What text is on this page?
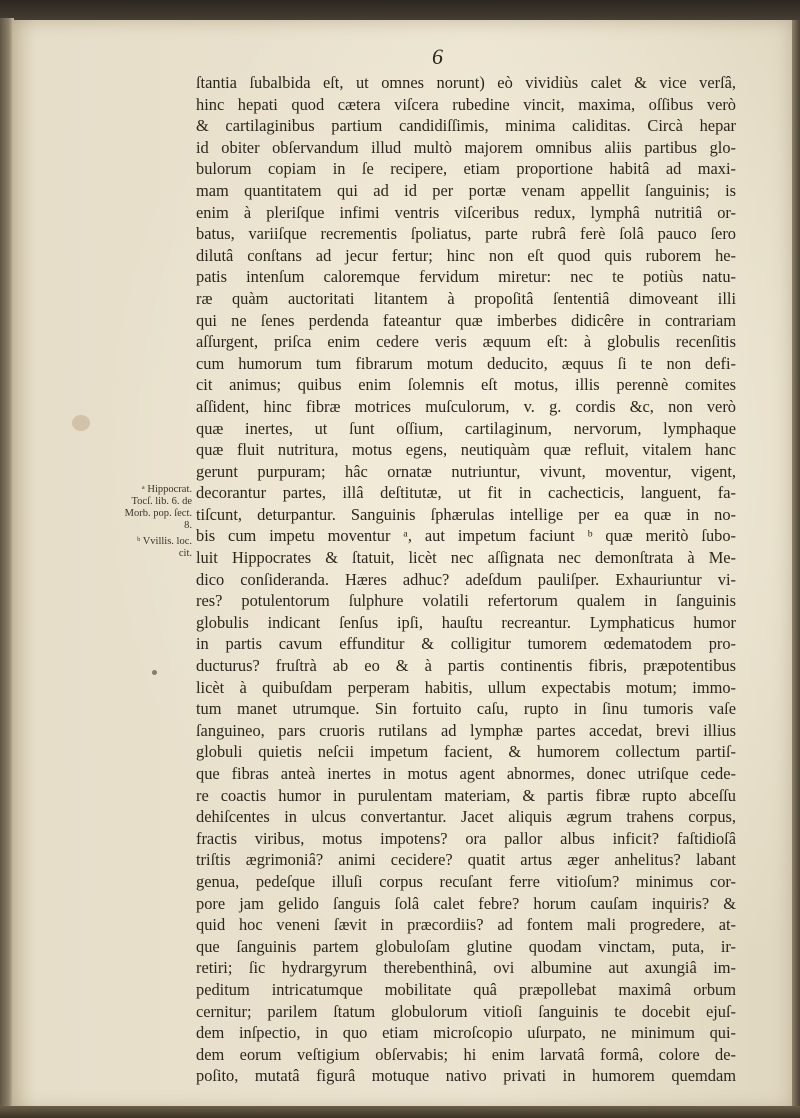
6
ſtantia ſubalbida eſt, ut omnes norunt) eò vividiùs calet & vice verſâ,
hinc hepati quod cætera viſcera rubedine vincit, maxima, oſſibus verò
& cartilaginibus partium candidiſſimis, minima caliditas. Circà hepar
id obiter obſervandum illud multò majorem omnibus aliis partibus glo-
bulorum copiam in ſe recipere, etiam proportione habitâ ad maxi-
mam quantitatem qui ad id per portæ venam appellit ſanguinis; is
enim à pleriſque infimi ventris viſceribus redux, lymphâ nutritiâ or-
batus, variiſque recrementis ſpoliatus, parte rubrâ ferè ſolâ pauco ſero
dilutâ conſtans ad jecur fertur; hinc non eſt quod quis ruborem he-
patis intenſum caloremque fervidum miretur: nec te potiùs natu-
ræ quàm auctoritati litantem à propoſitâ ſententiâ dimoveant illi
qui ne ſenes perdenda fateantur quæ imberbes didicêre in contrariam
aſſurgent, priſca enim cedere veris æquum eſt: à globulis recenſitis
cum humorum tum fibrarum motum deducito, æquus ſi te non defi-
cit animus; quibus enim ſolemnis eſt motus, illis perennè comites
aſſident, hinc fibræ motrices muſculorum, v. g. cordis &c, non verò
quæ inertes, ut ſunt oſſium, cartilaginum, nervorum, lymphaque
quæ fluit nutritura, motus egens, neutiquàm quæ refluit, vitalem hanc
gerunt purpuram; hâc ornatæ nutriuntur, vivunt, moventur, vigent,
decorantur partes, illâ deſtitutæ, ut fit in cachecticis, languent, fa-
tiſcunt, deturpantur. Sanguinis ſphærulas intellige per ea quæ in no-
bis cum impetu moventur ᵃ, aut impetum faciunt ᵇ quæ meritò ſubo-
luit Hippocrates & ſtatuit, licèt nec aſſignata nec demonſtrata à Me-
dico conſideranda. Hæres adhuc? adeſdum pauliſper. Exhauriuntur vi-
res? potulentorum ſulphure volatili refertorum qualem in ſanguinis
globulis indicant ſenſus ipſi, hauſtu recreantur. Lymphaticus humor
in partis cavum effunditur & colligitur tumorem œdematodem pro-
ducturus? fruſtrà ab eo & à partis continentis fibris, præpotentibus
licèt à quibuſdam perperam habitis, ullum expectabis motum; immo-
tum manet utrumque. Sin fortuito caſu, rupto in ſinu tumoris vaſe
ſanguineo, pars cruoris rutilans ad lymphæ partes accedat, brevi illius
globuli quietis neſcii impetum facient, & humorem collectum partiſ-
que fibras anteà inertes in motus agent abnormes, donec utriſque cede-
re coactis humor in purulentam materiam, & partis fibræ rupto abceſſu
dehiſcentes in ulcus convertantur. Jacet aliquis ægrum trahens corpus,
fractis viribus, motus impotens? ora pallor albus inficit? faſtidioſâ
triſtis ægrimoniâ? animi cecidere? quatit artus æger anhelitus? labant
genua, pedeſque illuſi corpus recuſant ferre vitioſum? minimus cor-
pore jam gelido ſanguis ſolâ calet febre? horum cauſam inquiris? &
quid hoc veneni ſævit in præcordiis? ad fontem mali progredere, at-
que ſanguinis partem globuloſam glutine quodam vinctam, puta, ir-
retiri; ſic hydrargyrum therebenthinâ, ovi albumine aut axungiâ im-
peditum intricatumque mobilitate quâ præpollebat maximâ orbum
cernitur; parilem ſtatum globulorum vitioſi ſanguinis te docebit ejuſ-
dem inſpectio, in quo etiam microſcopio uſurpato, ne minimum qui-
dem eorum veſtigium obſervabis; hi enim larvatâ formâ, colore de-
poſito, mutatâ figurâ motuque nativo privati in humorem quemdam
ᵃ Hippocrat.
Tocſ. lib. 6. de
Morb. pop. ſect.
8.
ᵇ Vvillis. loc.
cit.
